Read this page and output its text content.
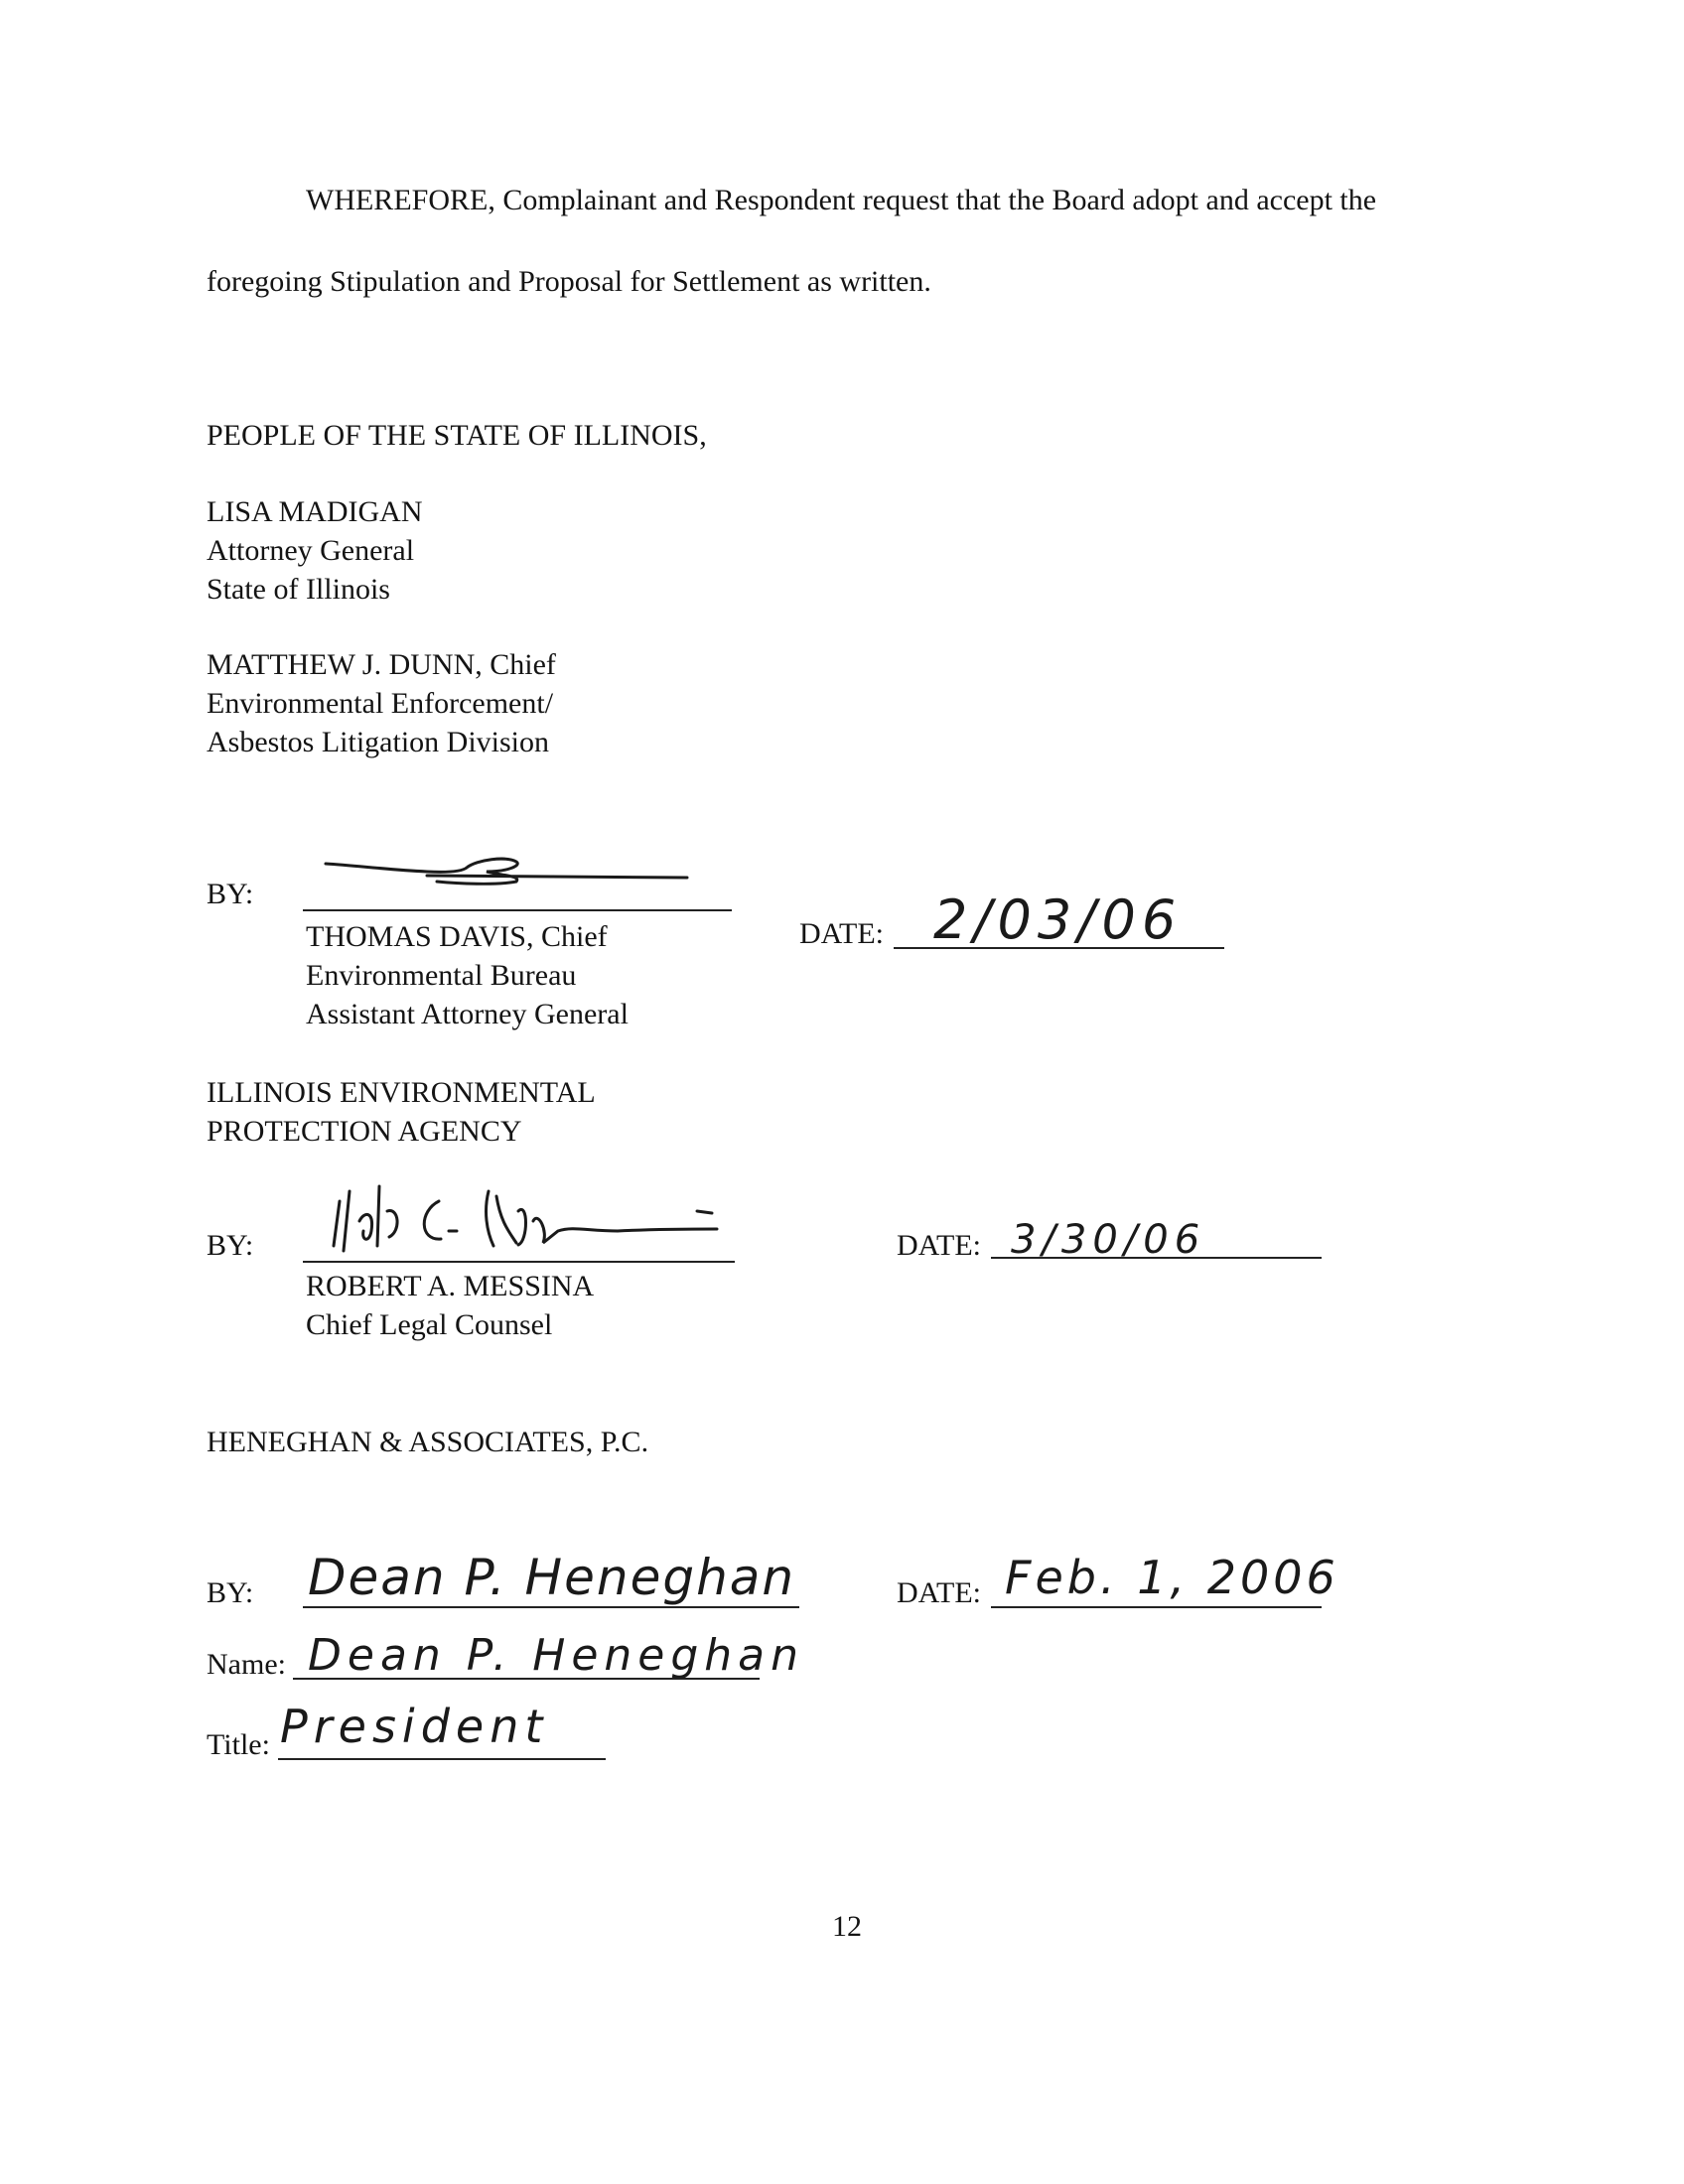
WHEREFORE, Complainant and Respondent request that the Board adopt and accept the
foregoing Stipulation and Proposal for Settlement as written.
PEOPLE OF THE STATE OF ILLINOIS,
LISA MADIGAN
Attorney General
State of Illinois
MATTHEW J. DUNN, Chief
Environmental Enforcement/
Asbestos Litigation Division
BY:
THOMAS DAVIS, Chief
Environmental Bureau
Assistant Attorney General
DATE: 2/03/06
ILLINOIS ENVIRONMENTAL
PROTECTION AGENCY
BY:
ROBERT A. MESSINA
Chief Legal Counsel
DATE: 3/30/06
HENEGHAN & ASSOCIATES, P.C.
BY: Dean P. Heneghan	DATE: Feb. 1, 2006
Name: Dean P. Heneghan
Title: President
12
